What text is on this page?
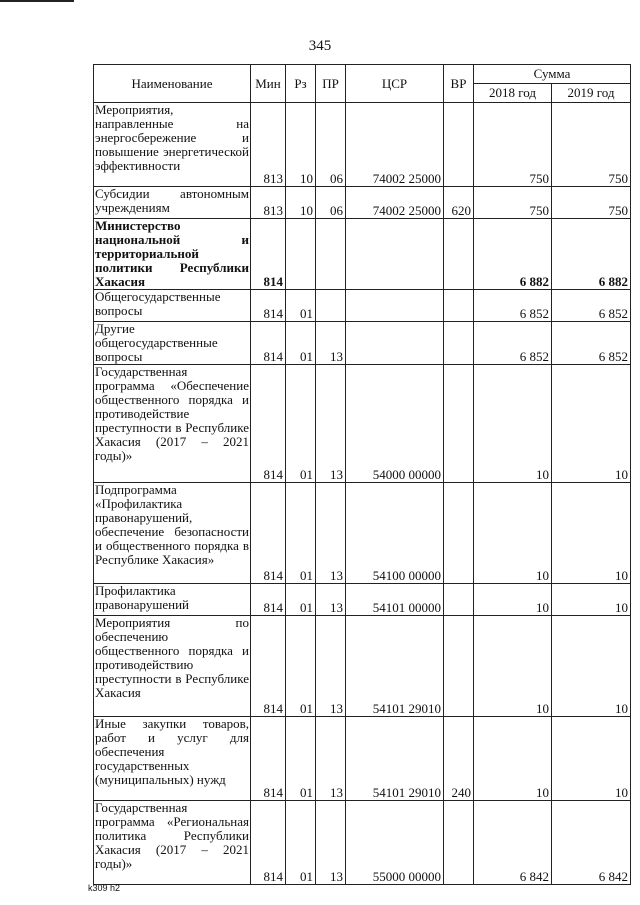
345
Наименование	Мин	Рз	ПР	ЦСР	ВР	Сумма	
						2018 год	2019 год
Мероприятия, направленные на энергосбережение и повышение энергетической эффективности	813	10	06	74002 25000		750	750
Субсидии автономным учреждениям	813	10	06	74002 25000	620	750	750
Министерство национальной и территориальной политики Республики Хакасия	814					6 882	6 882
Общегосударственные вопросы	814	01				6 852	6 852
Другие общегосударственные вопросы	814	01	13			6 852	6 852
Государственная программа «Обеспечение общественного порядка и противодействие преступности в Республике Хакасия (2017 – 2021 годы)»	814	01	13	54000 00000		10	10
Подпрограмма «Профилактика правонарушений, обеспечение безопасности и общественного порядка в Республике Хакасия»	814	01	13	54100 00000		10	10
Профилактика правонарушений	814	01	13	54101 00000		10	10
Мероприятия по обеспечению общественного порядка и противодействию преступности в Республике Хакасия	814	01	13	54101 29010		10	10
Иные закупки товаров, работ и услуг для обеспечения государственных (муниципальных) нужд	814	01	13	54101 29010	240	10	10
Государственная программа «Региональная политика Республики Хакасия (2017 – 2021 годы)»	814	01	13	55000 00000		6 842	6 842
k309 h2
